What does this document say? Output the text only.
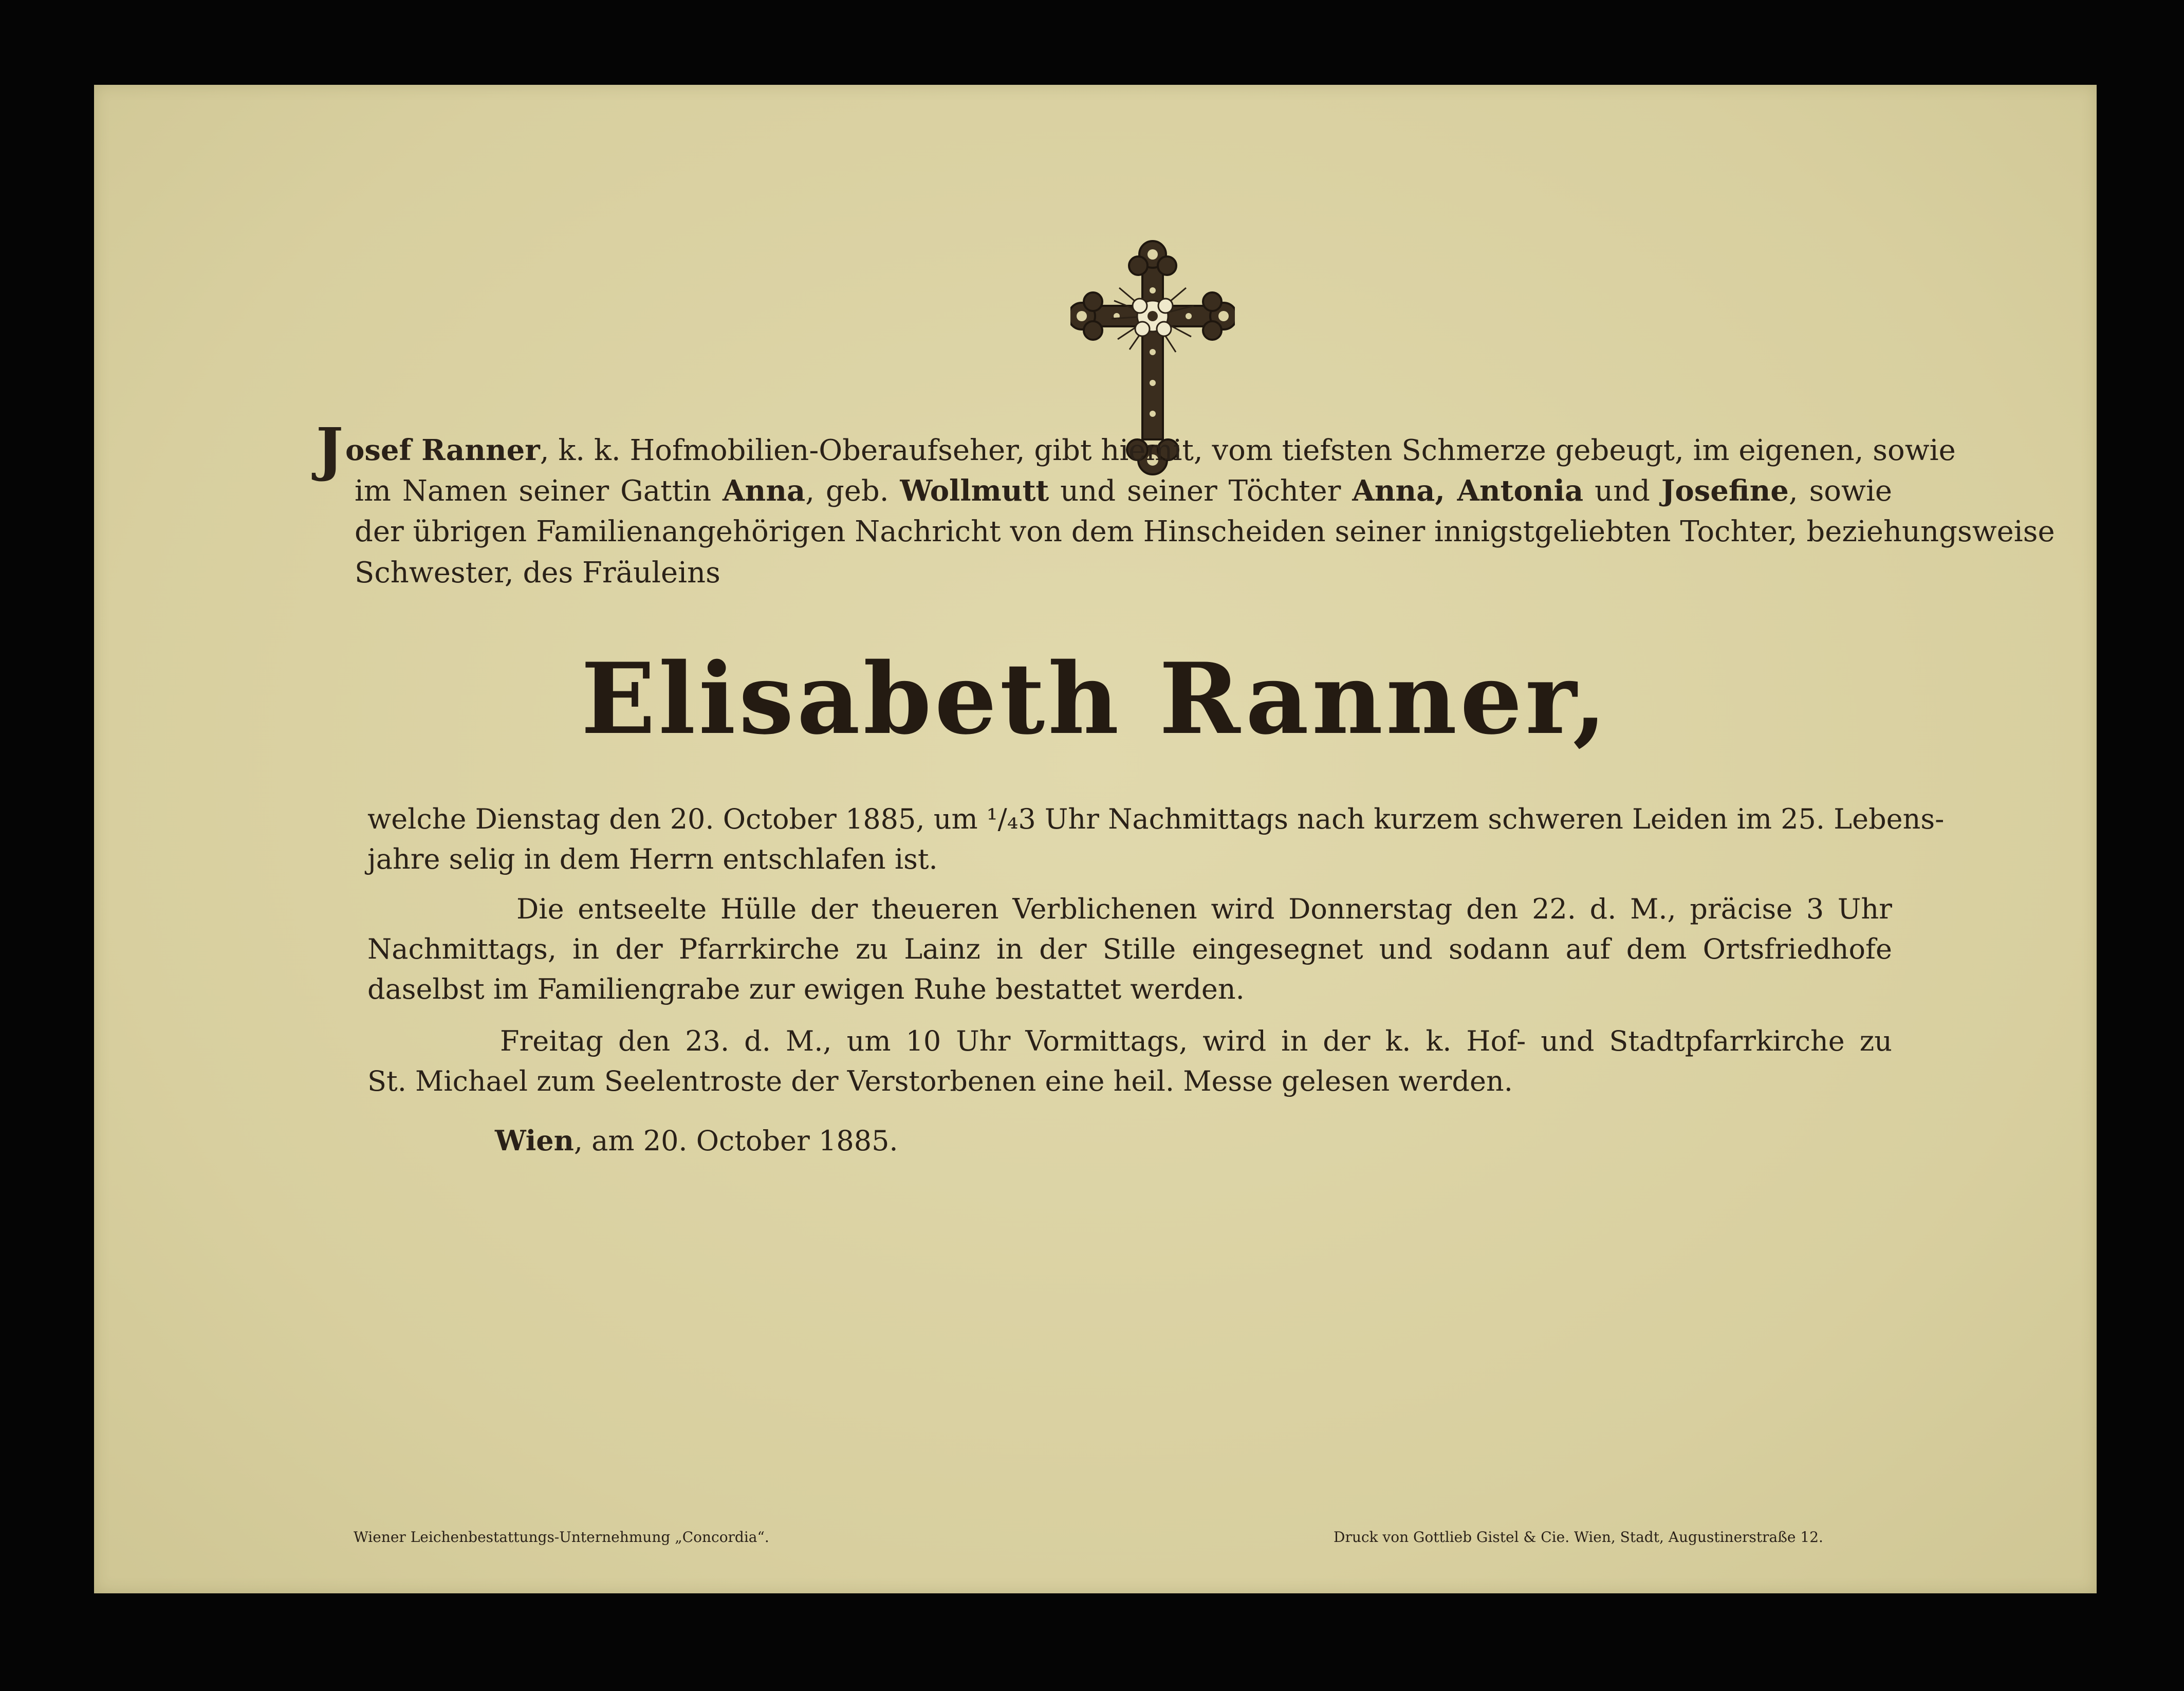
Josef Ranner, k. k. Hofmobilien-Oberaufseher, gibt hiemit, vom tiefsten Schmerze gebeugt, im eigenen, sowie
im Namen seiner Gattin Anna, geb. Wollmutt und seiner Töchter Anna, Antonia und Josefine, sowie
der übrigen Familienangehörigen Nachricht von dem Hinscheiden seiner innigstgeliebten Tochter, beziehungsweise
Schwester, des Fräuleins
Elisabeth Ranner,
welche Dienstag den 20. October 1885, um ¹/₄3 Uhr Nachmittags nach kurzem schweren Leiden im 25. Lebens-
jahre selig in dem Herrn entschlafen ist.
Die entseelte Hülle der theueren Verblichenen wird Donnerstag den 22. d. M., präcise 3 Uhr
Nachmittags, in der Pfarrkirche zu Lainz in der Stille eingesegnet und sodann auf dem Ortsfriedhofe
daselbst im Familiengrabe zur ewigen Ruhe bestattet werden.
Freitag den 23. d. M., um 10 Uhr Vormittags, wird in der k. k. Hof- und Stadtpfarrkirche zu
St. Michael zum Seelentroste der Verstorbenen eine heil. Messe gelesen werden.
Wien, am 20. October 1885.
Wiener Leichenbestattungs-Unternehmung „Concordia“.	Druck von Gottlieb Gistel & Cie. Wien, Stadt, Augustinerstraße 12.
